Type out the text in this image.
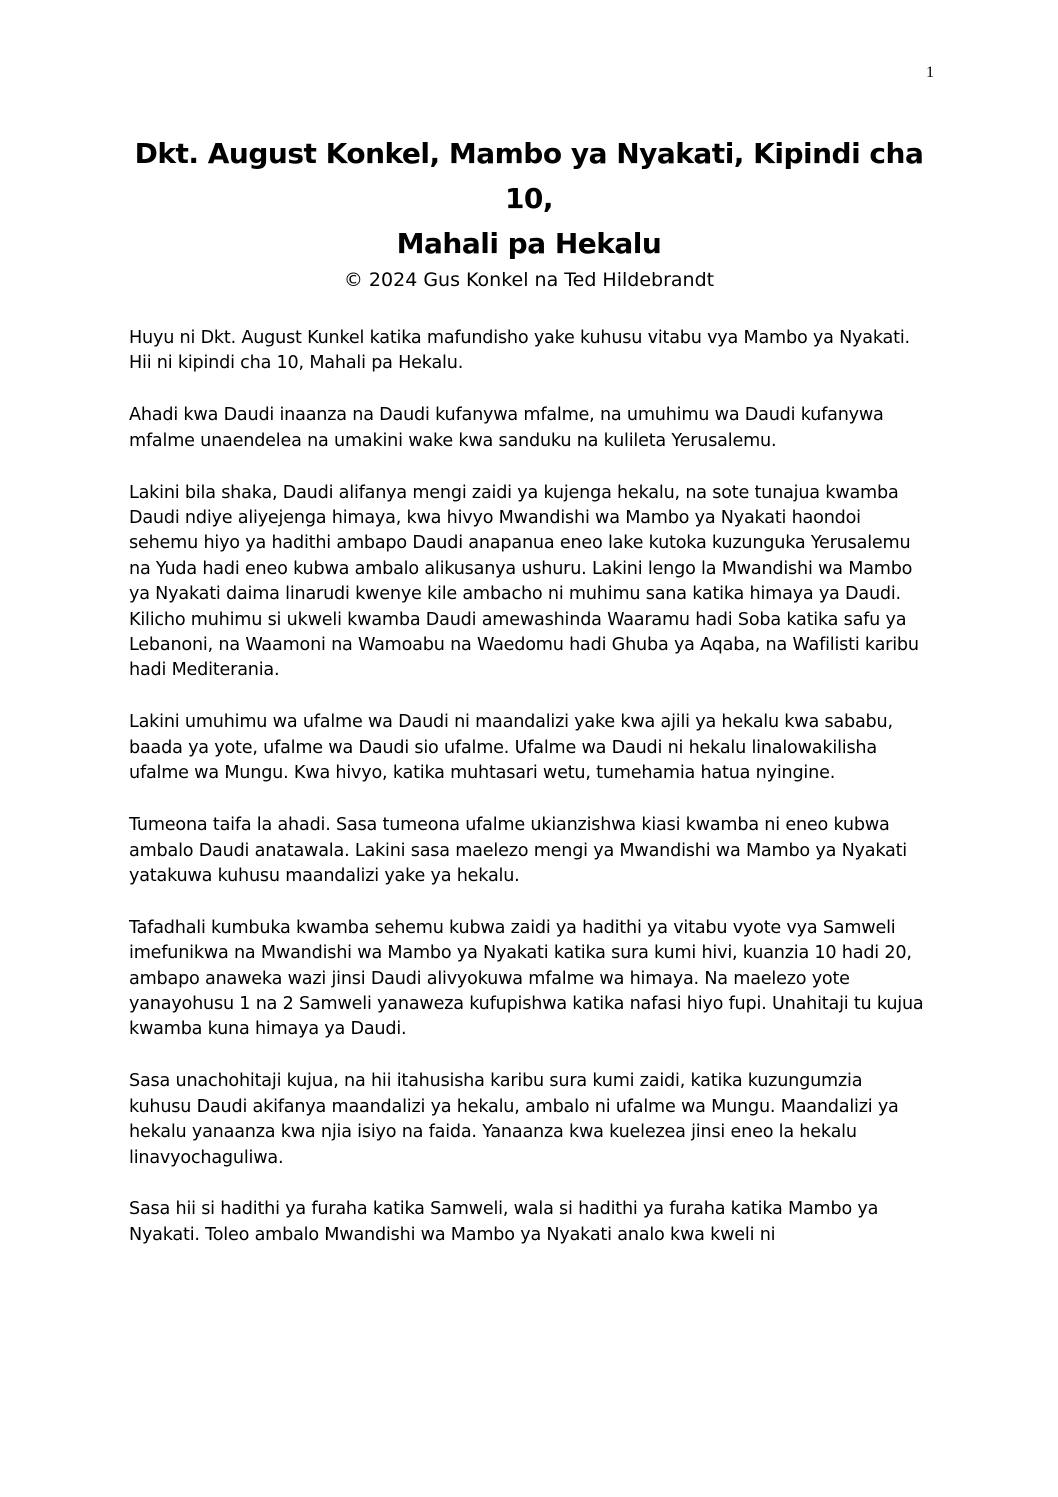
1
Dkt. August Konkel, Mambo ya Nyakati, Kipindi cha
10,
Mahali pa Hekalu
© 2024 Gus Konkel na Ted Hildebrandt

Huyu ni Dkt. August Kunkel katika mafundisho yake kuhusu vitabu vya Mambo ya Nyakati. Hii ni kipindi cha 10, Mahali pa Hekalu.

Ahadi kwa Daudi inaanza na Daudi kufanywa mfalme, na umuhimu wa Daudi kufanywa mfalme unaendelea na umakini wake kwa sanduku na kulileta Yerusalemu.

Lakini bila shaka, Daudi alifanya mengi zaidi ya kujenga hekalu, na sote tunajua kwamba Daudi ndiye aliyejenga himaya, kwa hivyo Mwandishi wa Mambo ya Nyakati haondoi sehemu hiyo ya hadithi ambapo Daudi anapanua eneo lake kutoka kuzunguka Yerusalemu na Yuda hadi eneo kubwa ambalo alikusanya ushuru. Lakini lengo la Mwandishi wa Mambo ya Nyakati daima linarudi kwenye kile ambacho ni muhimu sana katika himaya ya Daudi. Kilicho muhimu si ukweli kwamba Daudi amewashinda Waaramu hadi Soba katika safu ya Lebanoni, na Waamoni na Wamoabu na Waedomu hadi Ghuba ya Aqaba, na Wafilisti karibu hadi Mediterania.

Lakini umuhimu wa ufalme wa Daudi ni maandalizi yake kwa ajili ya hekalu kwa sababu, baada ya yote, ufalme wa Daudi sio ufalme. Ufalme wa Daudi ni hekalu linalowakilisha ufalme wa Mungu. Kwa hivyo, katika muhtasari wetu, tumehamia hatua nyingine.

Tumeona taifa la ahadi. Sasa tumeona ufalme ukianzishwa kiasi kwamba ni eneo kubwa ambalo Daudi anatawala. Lakini sasa maelezo mengi ya Mwandishi wa Mambo ya Nyakati yatakuwa kuhusu maandalizi yake ya hekalu.

Tafadhali kumbuka kwamba sehemu kubwa zaidi ya hadithi ya vitabu vyote vya Samweli imefunikwa na Mwandishi wa Mambo ya Nyakati katika sura kumi hivi, kuanzia 10 hadi 20, ambapo anaweka wazi jinsi Daudi alivyokuwa mfalme wa himaya. Na maelezo yote yanayohusu 1 na 2 Samweli yanaweza kufupishwa katika nafasi hiyo fupi. Unahitaji tu kujua kwamba kuna himaya ya Daudi.

Sasa unachohitaji kujua, na hii itahusisha karibu sura kumi zaidi, katika kuzungumzia kuhusu Daudi akifanya maandalizi ya hekalu, ambalo ni ufalme wa Mungu. Maandalizi ya hekalu yanaanza kwa njia isiyo na faida. Yanaanza kwa kuelezea jinsi eneo la hekalu linavyochaguliwa.

Sasa hii si hadithi ya furaha katika Samweli, wala si hadithi ya furaha katika Mambo ya Nyakati. Toleo ambalo Mwandishi wa Mambo ya Nyakati analo kwa kweli ni
